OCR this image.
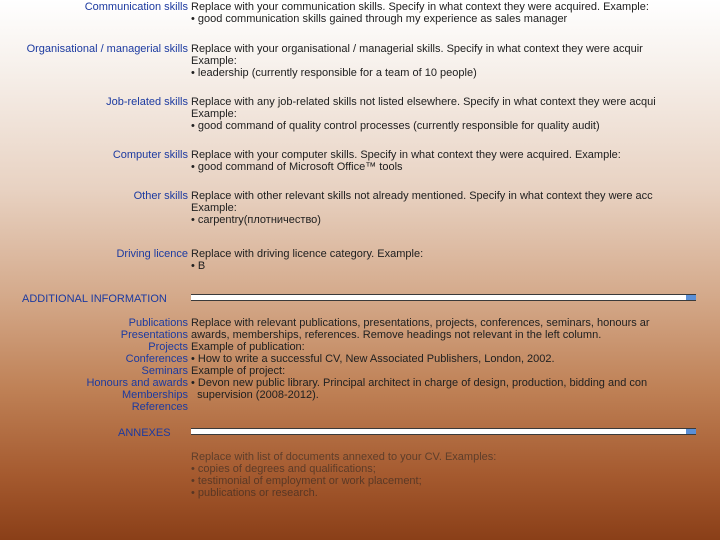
Communication skills Replace with your communication skills. Specify in what context they were acquired. Example:
• good communication skills gained through my experience as sales manager
Organisational / managerial skills Replace with your organisational / managerial skills. Specify in what context they were acquir
Example:
• leadership (currently responsible for a team of 10 people)
Job-related skills Replace with any job-related skills not listed elsewhere. Specify in what context they were acqui
Example:
• good command of quality control processes (currently responsible for quality audit)
Computer skills Replace with your computer skills. Specify in what context they were acquired. Example:
• good command of Microsoft Office™ tools
Other skills Replace with other relevant skills not already mentioned. Specify in what context they were acc
Example:
• carpentry(плотничество)
Driving licence Replace with driving licence category. Example:
• B
ADDITIONAL INFORMATION
Publications
Presentations
Projects
Conferences
Seminars
Honours and awards
Memberships
References
Replace with relevant publications, presentations, projects, conferences, seminars, honours ar
awards, memberships, references. Remove headings not relevant in the left column.
Example of publication:
• How to write a successful CV, New Associated Publishers, London, 2002.
Example of project:
• Devon new public library. Principal architect in charge of design, production, bidding and con
supervision (2008-2012).
ANNEXES
Replace with list of documents annexed to your CV. Examples:
• copies of degrees and qualifications;
• testimonial of employment or work placement;
• publications or research.
